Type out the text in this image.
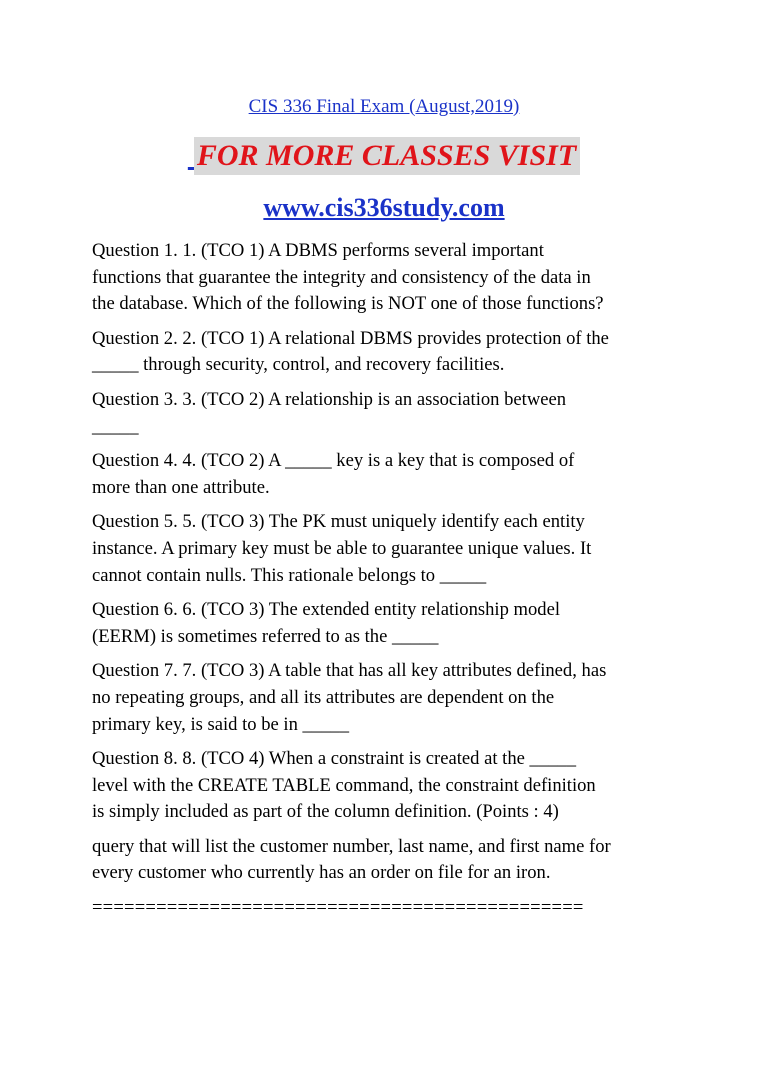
CIS 336 Final Exam (August,2019)
FOR MORE CLASSES VISIT
www.cis336study.com

Question 1. 1. (TCO 1) A DBMS performs several important
functions that guarantee the integrity and consistency of the data in
the database. Which of the following is NOT one of those functions?

Question 2. 2. (TCO 1) A relational DBMS provides protection of the
_____ through security, control, and recovery facilities.

Question 3. 3. (TCO 2) A relationship is an association between
_____

Question 4. 4. (TCO 2) A _____ key is a key that is composed of
more than one attribute.

Question 5. 5. (TCO 3) The PK must uniquely identify each entity
instance. A primary key must be able to guarantee unique values. It
cannot contain nulls. This rationale belongs to _____

Question 6. 6. (TCO 3) The extended entity relationship model
(EERM) is sometimes referred to as the _____

Question 7. 7. (TCO 3) A table that has all key attributes defined, has
no repeating groups, and all its attributes are dependent on the
primary key, is said to be in _____

Question 8. 8. (TCO 4) When a constraint is created at the _____
level with the CREATE TABLE command, the constraint definition
is simply included as part of the column definition. (Points : 4)

query that will list the customer number, last name, and first name for
every customer who currently has an order on file for an iron.

==============================================
